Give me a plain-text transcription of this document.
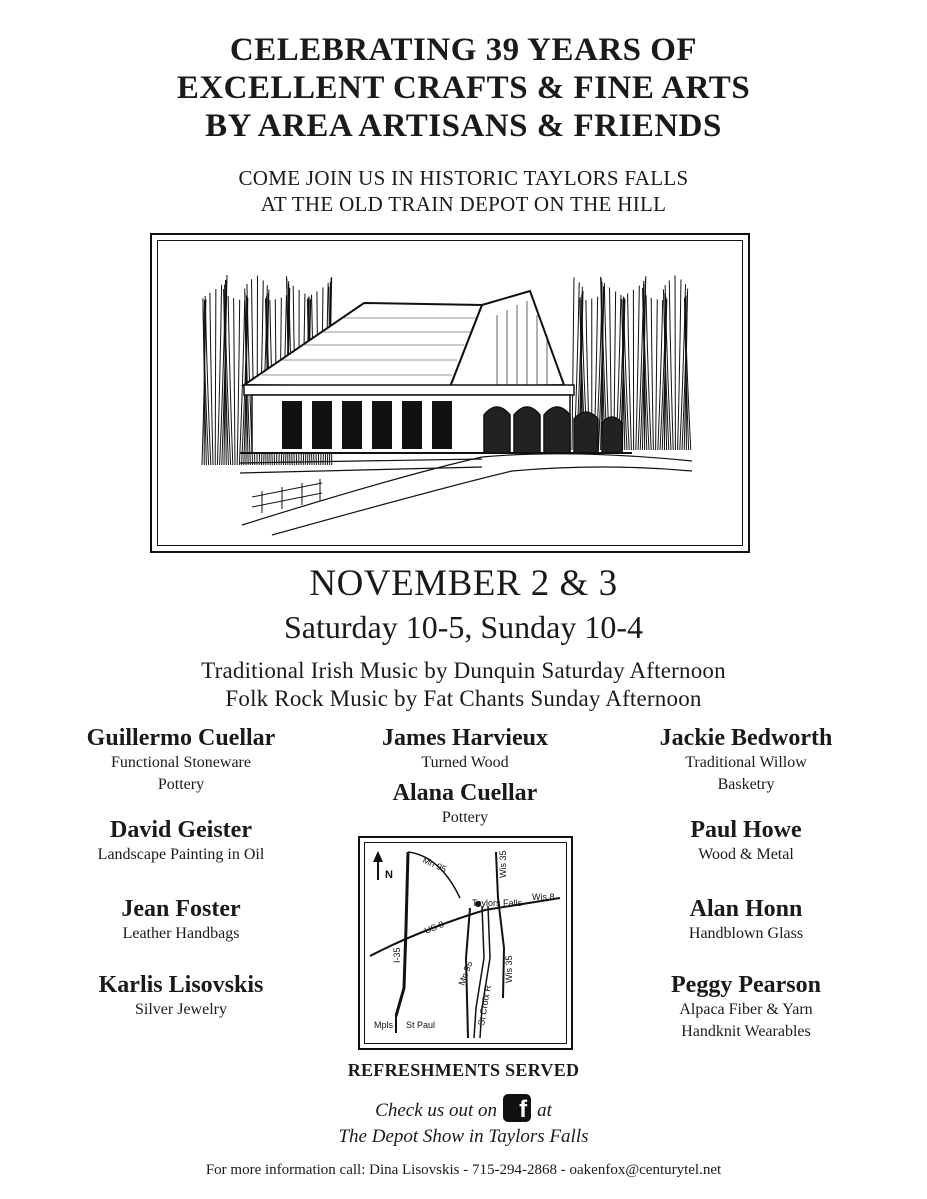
CELEBRATING 39 YEARS OF
EXCELLENT CRAFTS & FINE ARTS
BY AREA ARTISANS & FRIENDS
COME JOIN US IN HISTORIC TAYLORS FALLS
AT THE OLD TRAIN DEPOT ON THE HILL
NOVEMBER 2 & 3
Saturday 10-5, Sunday 10-4
Traditional Irish Music by Dunquin Saturday Afternoon
Folk Rock Music by Fat Chants Sunday Afternoon
Guillermo Cuellar
Functional Stoneware
Pottery
David Geister
Landscape Painting in Oil
Jean Foster
Leather Handbags
Karlis Lisovskis
Silver Jewelry
James Harvieux
Turned Wood
Alana Cuellar
Pottery
Jackie Bedworth
Traditional Willow
Basketry
Paul Howe
Wood & Metal
Alan Honn
Handblown Glass
Peggy Pearson
Alpaca Fiber & Yarn
Handknit Wearables
N
Mn 95	Wis 35
Taylors Falls
Wis 8
US 8
I-35
Mn 95
St Croix R
Wis 35
Mpls St Paul
REFRESHMENTS SERVED
Check us out on f at
The Depot Show in Taylors Falls
For more information call: Dina Lisovskis - 715-294-2868 - oakenfox@centurytel.net
